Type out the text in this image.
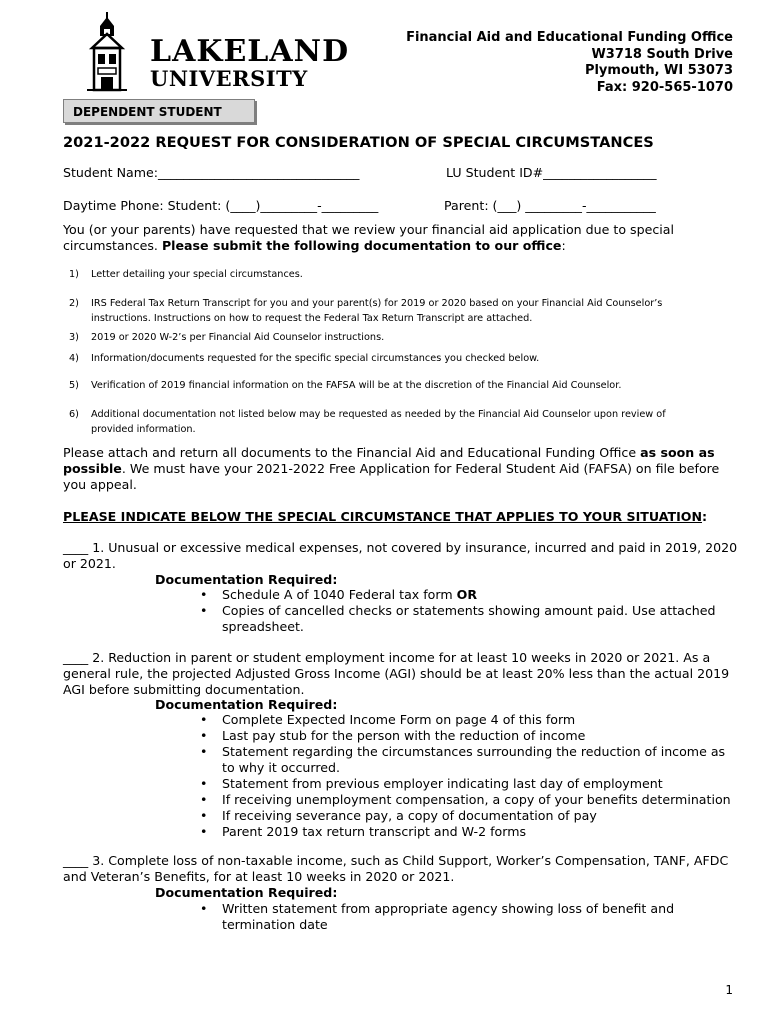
LAKELAND
UNIVERSITY
Financial Aid and Educational Funding Office
W3718 South Drive
Plymouth, WI 53073
Fax: 920-565-1070
DEPENDENT STUDENT
2021-2022 REQUEST FOR CONSIDERATION OF SPECIAL CIRCUMSTANCES
Student Name:________________________________	LU Student ID#__________________
Daytime Phone: Student: (____)_________-_________	Parent: (___) _________-___________
You (or your parents) have requested that we review your financial aid application due to special circumstances. Please submit the following documentation to our office:
1) Letter detailing your special circumstances.
2) IRS Federal Tax Return Transcript for you and your parent(s) for 2019 or 2020 based on your Financial Aid Counselor’s instructions. Instructions on how to request the Federal Tax Return Transcript are attached.
3) 2019 or 2020 W-2’s per Financial Aid Counselor instructions.
4) Information/documents requested for the specific special circumstances you checked below.
5) Verification of 2019 financial information on the FAFSA will be at the discretion of the Financial Aid Counselor.
6) Additional documentation not listed below may be requested as needed by the Financial Aid Counselor upon review of provided information.
Please attach and return all documents to the Financial Aid and Educational Funding Office as soon as possible. We must have your 2021-2022 Free Application for Federal Student Aid (FAFSA) on file before you appeal.
PLEASE INDICATE BELOW THE SPECIAL CIRCUMSTANCE THAT APPLIES TO YOUR SITUATION:
____ 1. Unusual or excessive medical expenses, not covered by insurance, incurred and paid in 2019, 2020 or 2021.
Documentation Required:
• Schedule A of 1040 Federal tax form OR
• Copies of cancelled checks or statements showing amount paid. Use attached spreadsheet.
____ 2. Reduction in parent or student employment income for at least 10 weeks in 2020 or 2021. As a general rule, the projected Adjusted Gross Income (AGI) should be at least 20% less than the actual 2019 AGI before submitting documentation.
Documentation Required:
• Complete Expected Income Form on page 4 of this form
• Last pay stub for the person with the reduction of income
• Statement regarding the circumstances surrounding the reduction of income as to why it occurred.
• Statement from previous employer indicating last day of employment
• If receiving unemployment compensation, a copy of your benefits determination
• If receiving severance pay, a copy of documentation of pay
• Parent 2019 tax return transcript and W-2 forms
____ 3. Complete loss of non-taxable income, such as Child Support, Worker’s Compensation, TANF, AFDC and Veteran’s Benefits, for at least 10 weeks in 2020 or 2021.
Documentation Required:
• Written statement from appropriate agency showing loss of benefit and termination date
1
